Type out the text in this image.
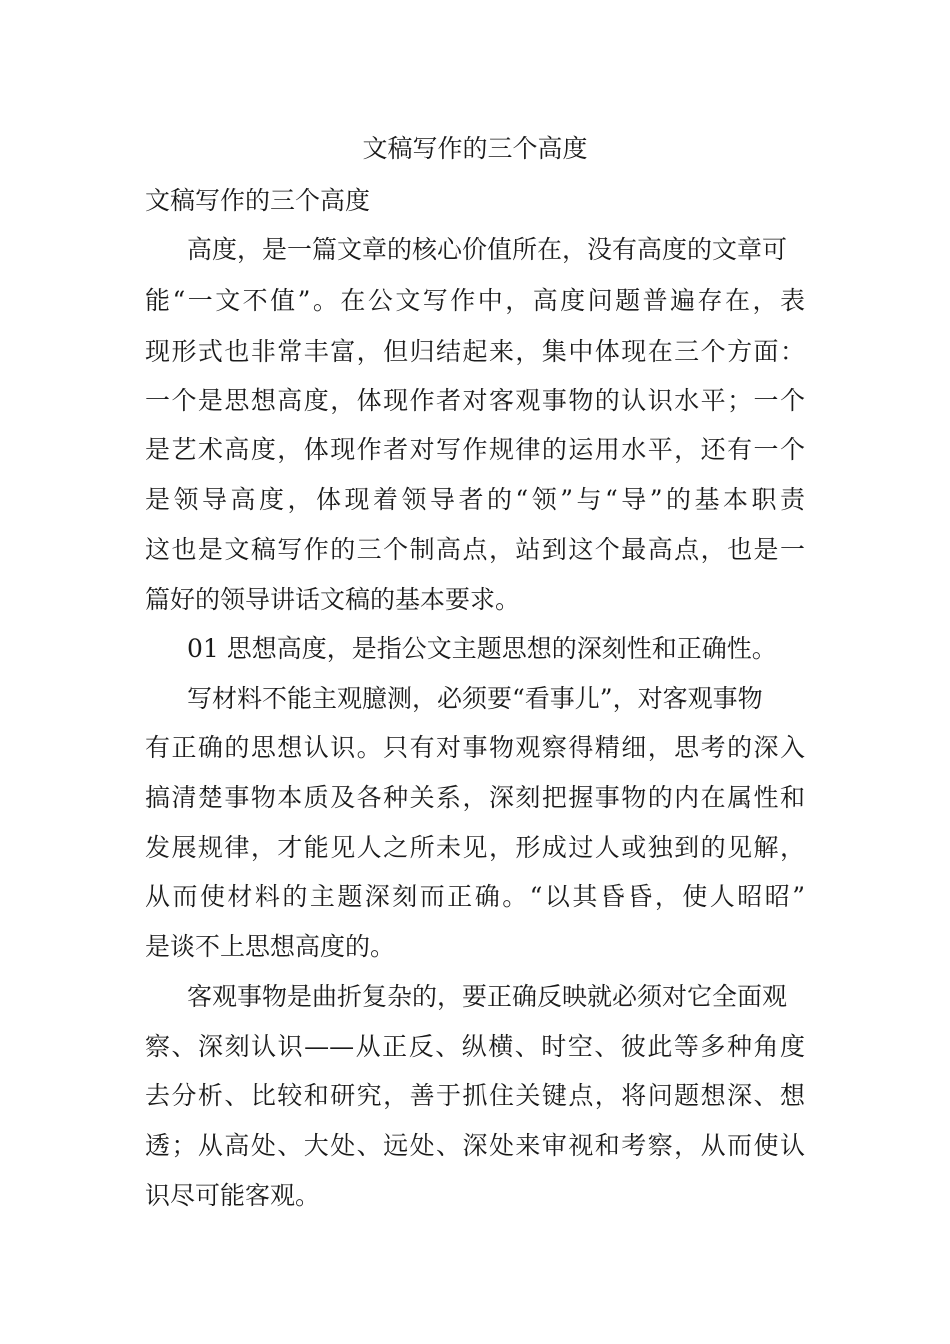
文稿写作的三个高度
文稿写作的三个高度
高度，是一篇文章的核心价值所在，没有高度的文章可
能“一文不值”。在公文写作中，高度问题普遍存在，表
现形式也非常丰富，但归结起来，集中体现在三个方面：
一个是思想高度，体现作者对客观事物的认识水平；一个
是艺术高度，体现作者对写作规律的运用水平，还有一个
是领导高度，体现着领导者的“领”与“导”的基本职责
这也是文稿写作的三个制高点，站到这个最高点，也是一
篇好的领导讲话文稿的基本要求。
01 思想高度，是指公文主题思想的深刻性和正确性。
写材料不能主观臆测，必须要“看事儿”，对客观事物
有正确的思想认识。只有对事物观察得精细，思考的深入
搞清楚事物本质及各种关系，深刻把握事物的内在属性和
发展规律，才能见人之所未见，形成过人或独到的见解，
从而使材料的主题深刻而正确。“以其昏昏，使人昭昭”
是谈不上思想高度的。
客观事物是曲折复杂的，要正确反映就必须对它全面观
察、深刻认识——从正反、纵横、时空、彼此等多种角度
去分析、比较和研究，善于抓住关键点，将问题想深、想
透；从高处、大处、远处、深处来审视和考察，从而使认
识尽可能客观。
